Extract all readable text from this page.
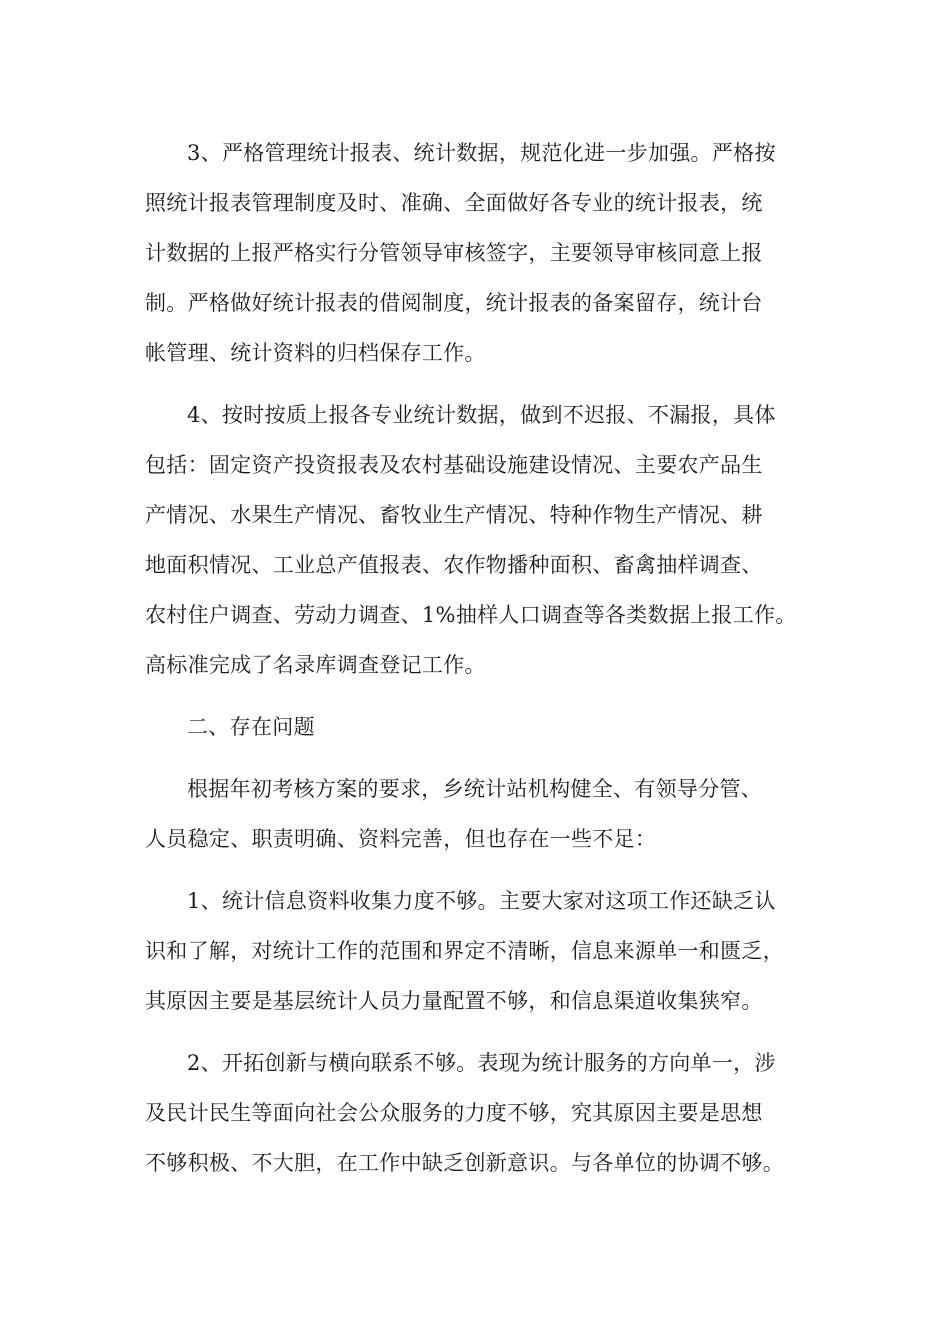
3、严格管理统计报表、统计数据，规范化进一步加强。严格按
照统计报表管理制度及时、准确、全面做好各专业的统计报表，统
计数据的上报严格实行分管领导审核签字，主要领导审核同意上报
制。严格做好统计报表的借阅制度，统计报表的备案留存，统计台
帐管理、统计资料的归档保存工作。
4、按时按质上报各专业统计数据，做到不迟报、不漏报，具体
包括：固定资产投资报表及农村基础设施建设情况、主要农产品生
产情况、水果生产情况、畜牧业生产情况、特种作物生产情况、耕
地面积情况、工业总产值报表、农作物播种面积、畜禽抽样调查、
农村住户调查、劳动力调查、1%抽样人口调查等各类数据上报工作。
高标准完成了名录库调查登记工作。
二、存在问题
根据年初考核方案的要求，乡统计站机构健全、有领导分管、
人员稳定、职责明确、资料完善，但也存在一些不足：
1、统计信息资料收集力度不够。主要大家对这项工作还缺乏认
识和了解，对统计工作的范围和界定不清晰，信息来源单一和匮乏，
其原因主要是基层统计人员力量配置不够，和信息渠道收集狭窄。
2、开拓创新与横向联系不够。表现为统计服务的方向单一，涉
及民计民生等面向社会公众服务的力度不够，究其原因主要是思想
不够积极、不大胆，在工作中缺乏创新意识。与各单位的协调不够。
